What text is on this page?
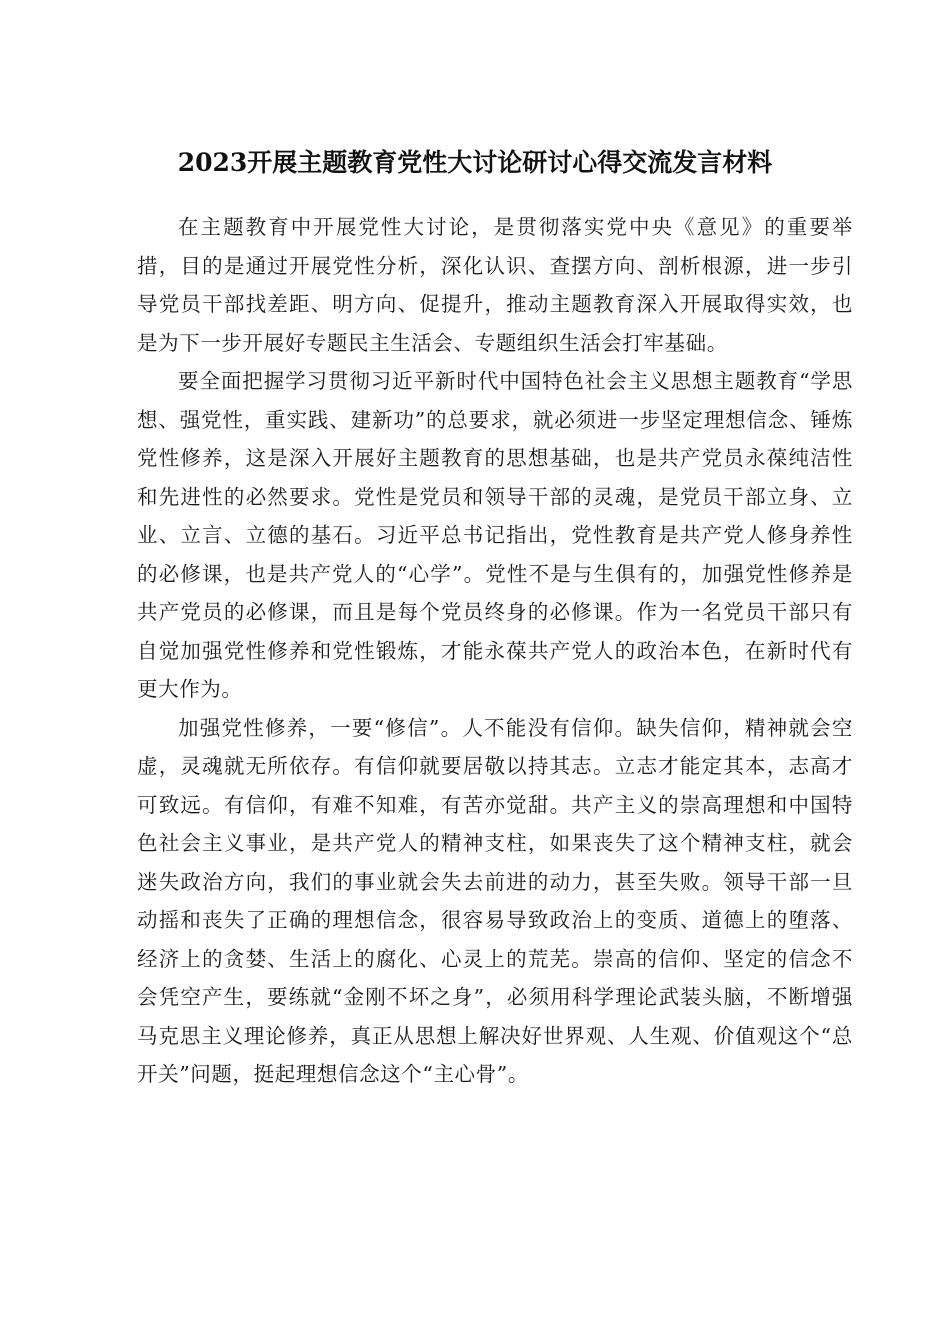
2023开展主题教育党性大讨论研讨心得交流发言材料

在主题教育中开展党性大讨论，是贯彻落实党中央《意见》的重要举措，目的是通过开展党性分析，深化认识、查摆方向、剖析根源，进一步引导党员干部找差距、明方向、促提升，推动主题教育深入开展取得实效，也是为下一步开展好专题民主生活会、专题组织生活会打牢基础。

要全面把握学习贯彻习近平新时代中国特色社会主义思想主题教育“学思想、强党性，重实践、建新功”的总要求，就必须进一步坚定理想信念、锤炼党性修养，这是深入开展好主题教育的思想基础，也是共产党员永葆纯洁性和先进性的必然要求。党性是党员和领导干部的灵魂，是党员干部立身、立业、立言、立德的基石。习近平总书记指出，党性教育是共产党人修身养性的必修课，也是共产党人的“心学”。党性不是与生俱有的，加强党性修养是共产党员的必修课，而且是每个党员终身的必修课。作为一名党员干部只有自觉加强党性修养和党性锻炼，才能永葆共产党人的政治本色，在新时代有更大作为。

加强党性修养，一要“修信”。人不能没有信仰。缺失信仰，精神就会空虚，灵魂就无所依存。有信仰就要居敬以持其志。立志才能定其本，志高才可致远。有信仰，有难不知难，有苦亦觉甜。共产主义的崇高理想和中国特色社会主义事业，是共产党人的精神支柱，如果丧失了这个精神支柱，就会迷失政治方向，我们的事业就会失去前进的动力，甚至失败。领导干部一旦动摇和丧失了正确的理想信念，很容易导致政治上的变质、道德上的堕落、经济上的贪婪、生活上的腐化、心灵上的荒芜。崇高的信仰、坚定的信念不会凭空产生，要练就“金刚不坏之身”，必须用科学理论武装头脑，不断增强马克思主义理论修养，真正从思想上解决好世界观、人生观、价值观这个“总开关”问题，挺起理想信念这个“主心骨”。
